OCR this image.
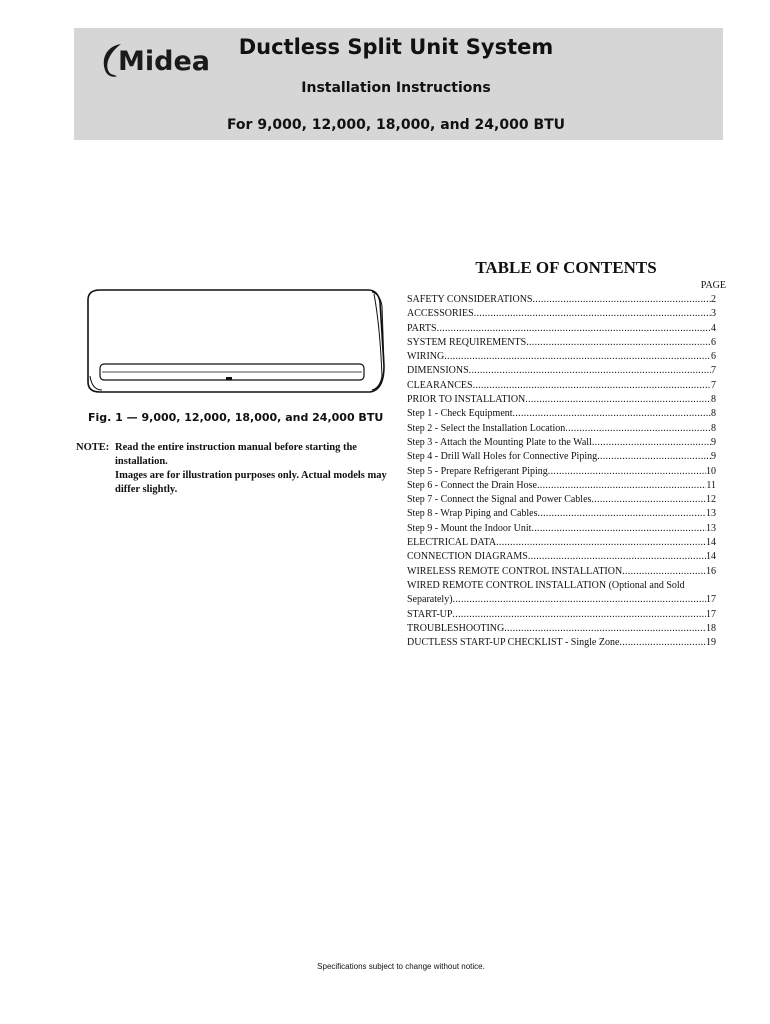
Midea	Ductless Split Unit System
Installation Instructions
For 9,000, 12,000, 18,000, and 24,000 BTU
Fig. 1 — 9,000, 12,000, 18,000, and 24,000 BTU
NOTE: Read the entire instruction manual before starting the installation.

Images are for illustration purposes only. Actual models may differ slightly.

TABLE OF CONTENTS
PAGE
SAFETY CONSIDERATIONS .....	2
ACCESSORIES .....	3
PARTS .....	4
SYSTEM REQUIREMENTS .....	6
WIRING .....	6
DIMENSIONS .....	7
CLEARANCES .....	7
PRIOR TO INSTALLATION .....	8
Step 1 - Check Equipment .....	8
Step 2 - Select the Installation Location .....	8
Step 3 - Attach the Mounting Plate to the Wall .....	9
Step 4 - Drill Wall Holes for Connective Piping .....	9
Step 5 - Prepare Refrigerant Piping .....	10
Step 6 - Connect the Drain Hose .....	11
Step 7 - Connect the Signal and Power Cables .....	12
Step 8 - Wrap Piping and Cables .....	13
Step 9 - Mount the Indoor Unit .....	13
ELECTRICAL DATA .....	14
CONNECTION DIAGRAMS .....	14
WIRELESS REMOTE CONTROL INSTALLATION .....	16
WIRED REMOTE CONTROL INSTALLATION (Optional and Sold
Separately) .....	17
START-UP .....	17
TROUBLESHOOTING .....	18
DUCTLESS START-UP CHECKLIST - Single Zone .....	19
Specifications subject to change without notice.
